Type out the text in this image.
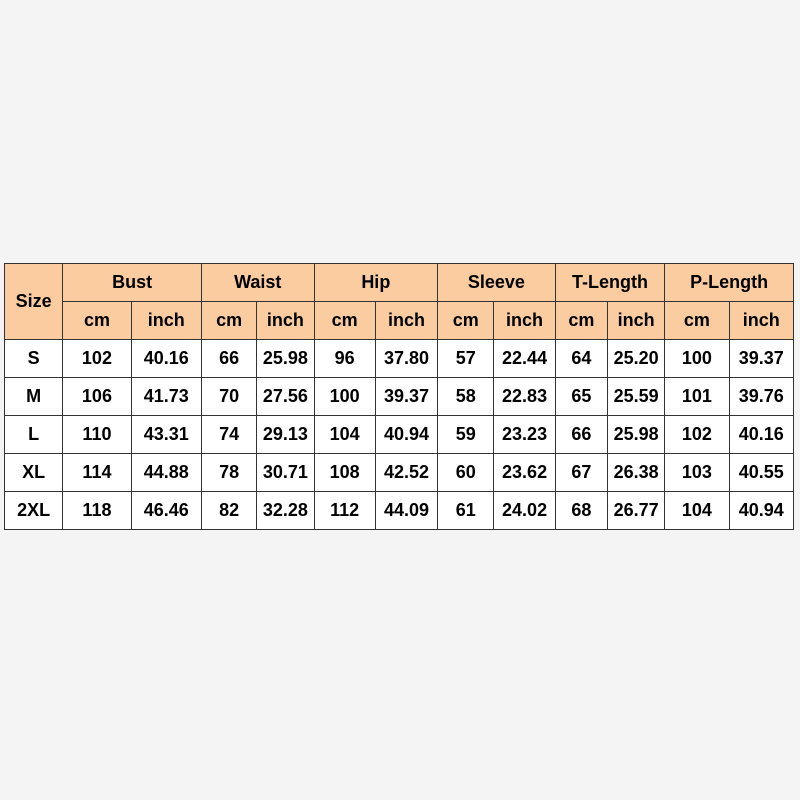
Size	Bust		Waist		Hip		Sleeve		T-Length		P-Length	
	cm	inch	cm	inch	cm	inch	cm	inch	cm	inch	cm	inch
S	102	40.16	66	25.98	96	37.80	57	22.44	64	25.20	100	39.37
M	106	41.73	70	27.56	100	39.37	58	22.83	65	25.59	101	39.76
L	110	43.31	74	29.13	104	40.94	59	23.23	66	25.98	102	40.16
XL	114	44.88	78	30.71	108	42.52	60	23.62	67	26.38	103	40.55
2XL	118	46.46	82	32.28	112	44.09	61	24.02	68	26.77	104	40.94
